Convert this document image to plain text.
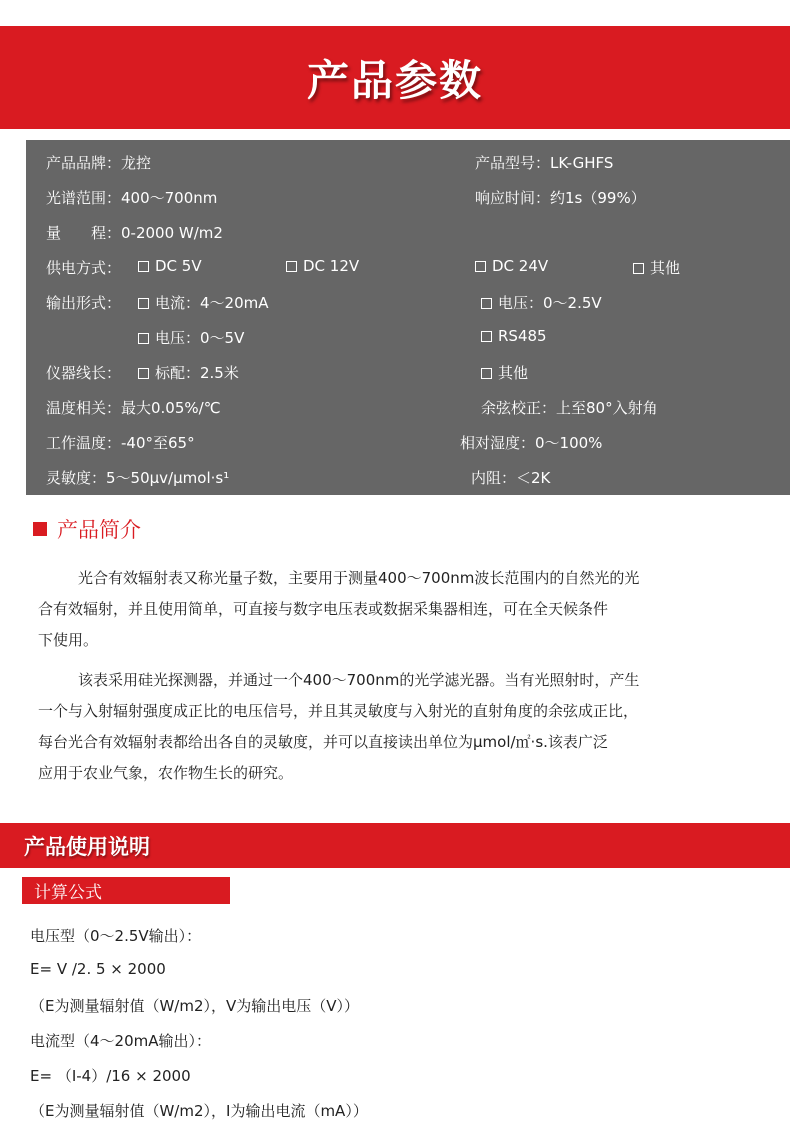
产品参数
产品品牌：龙控	产品型号：LK-GHFS
光谱范围：400～700nm	响应时间：约1s（99%）
量　　程：0-2000 W/m2
供电方式：	DC 5V	DC 12V	DC 24V	其他
输出形式：	电流：4～20mA	电压：0～2.5V
电压：0～5V	RS485
仪器线长：	标配：2.5米	其他
温度相关：最大0.05%/℃	余弦校正：上至80°入射角
工作温度：-40°至65°	相对湿度：0～100%
灵敏度：5～50μv/μmol·s¹	内阻：＜2K
产品简介
光合有效辐射表又称光量子数，主要用于测量400～700nm波长范围内的自然光的光
合有效辐射，并且使用简单，可直接与数字电压表或数据采集器相连，可在全天候条件
下使用。
该表采用硅光探测器，并通过一个400～700nm的光学滤光器。当有光照射时，产生
一个与入射辐射强度成正比的电压信号，并且其灵敏度与入射光的直射角度的余弦成正比，
每台光合有效辐射表都给出各自的灵敏度，并可以直接读出单位为μmol/㎡·s.该表广泛
应用于农业气象，农作物生长的研究。
产品使用说明
计算公式
电压型（0～2.5V输出）：
E= V /2. 5 × 2000
（E为测量辐射值（W/m2），V为输出电压（V））
电流型（4～20mA输出）：
E= （I-4）/16 × 2000
（E为测量辐射值（W/m2），I为输出电流（mA））
